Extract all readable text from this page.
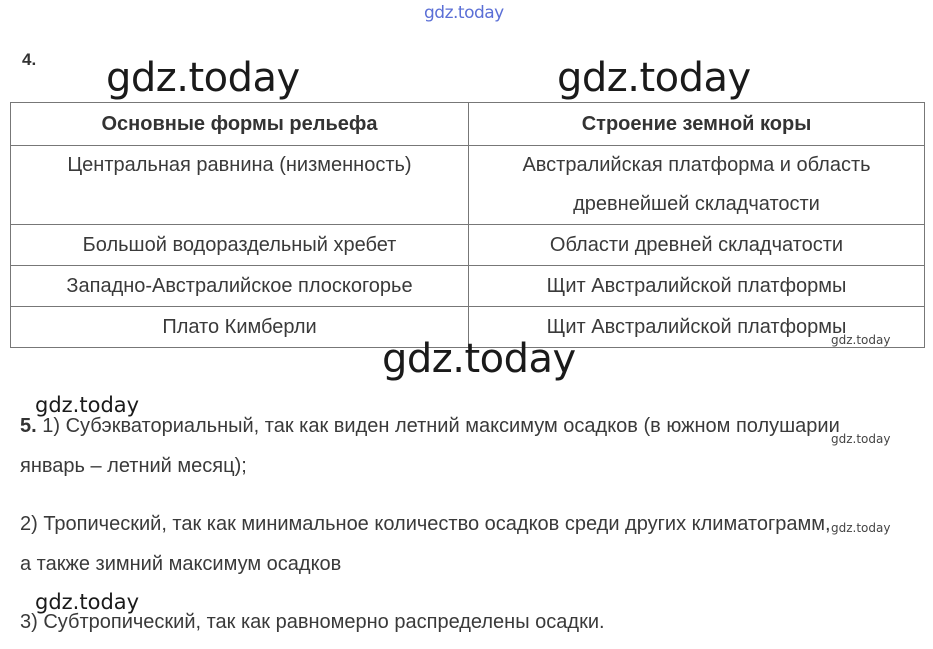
gdz.today
4. gdz.today	gdz.today
Основные формы рельефа	Строение земной коры
Центральная равнина (низменность)	Австралийская платформа и область древнейшей складчатости
Большой водораздельный хребет	Области древней складчатости
Западно-Австралийское плоскогорье	Щит Австралийской платформы
Плато Кимберли	Щит Австралийской платформы
gdz.today
gdz.today
gdz.today
5. 1) Субэкваториальный, так как виден летний максимум осадков (в южном полушарии январь – летний месяц);
gdz.today
2) Тропический, так как минимальное количество осадков среди других климатограмм, а также зимний максимум осадков
gdz.today
gdz.today
3) Субтропический, так как равномерно распределены осадки.
